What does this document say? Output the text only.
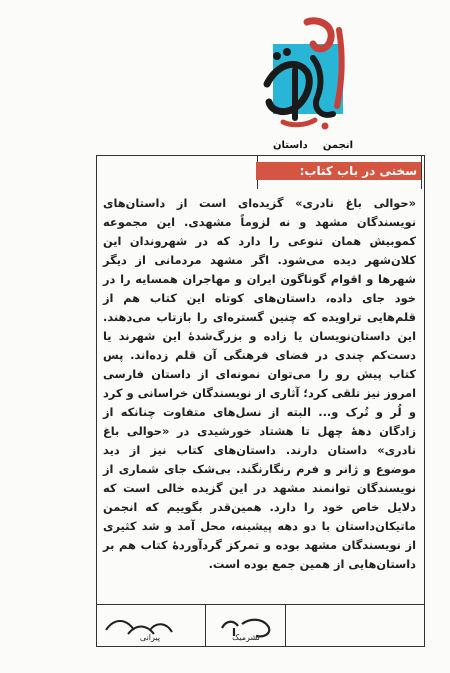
انجمن
داستان
سخنی در باب کتاب:
«حوالی باغ نادری» گزیده‌ای است از داستان‌های نویسندگان مشهد و نه لزوماً مشهدی. این مجموعه کموبیش همان تنوعی را دارد که در شهروندان این کلان‌شهر دیده می‌شود. اگر مشهد مردمانی از دیگر شهرها و اقوام گوناگون ایران و مهاجران همسایه را در خود جای داده، داستان‌های کوتاه این کتاب هم از قلم‌هایی تراویده که چنین گستره‌ای را بازتاب می‌دهند. این داستان‌نویسان یا زاده و بزرگ‌شدهٔ این شهرند یا دست‌کم چندی در فضای فرهنگی آن قلم زده‌اند. پس کتاب پیش رو را می‌توان نمونه‌ای از داستان فارسی امروز نیز تلقی کرد؛ آثاری از نویسندگان خراسانی و کرد و لُر و تُرک و... البته از نسل‌های متفاوت چنانکه از زادگان دههٔ چهل تا هشتاد خورشیدی در «حوالی باغ نادری» داستان دارند. داستان‌های کتاب نیز از دید موضوع و ژانر و فرم رنگارنگند. بی‌شک جای شماری از نویسندگان توانمند مشهد در این گزیده خالی است که دلایل خاص خود را دارد. همین‌قدر بگوییم که انجمن ماتیکان‌داستان با دو دهه پیشینه، محل آمد و شد کثیری از نویسندگان مشهد بوده و تمرکز گردآوردهٔ کتاب هم بر داستان‌هایی از همین جمع بوده است.
پیرانی	نشرمیک
